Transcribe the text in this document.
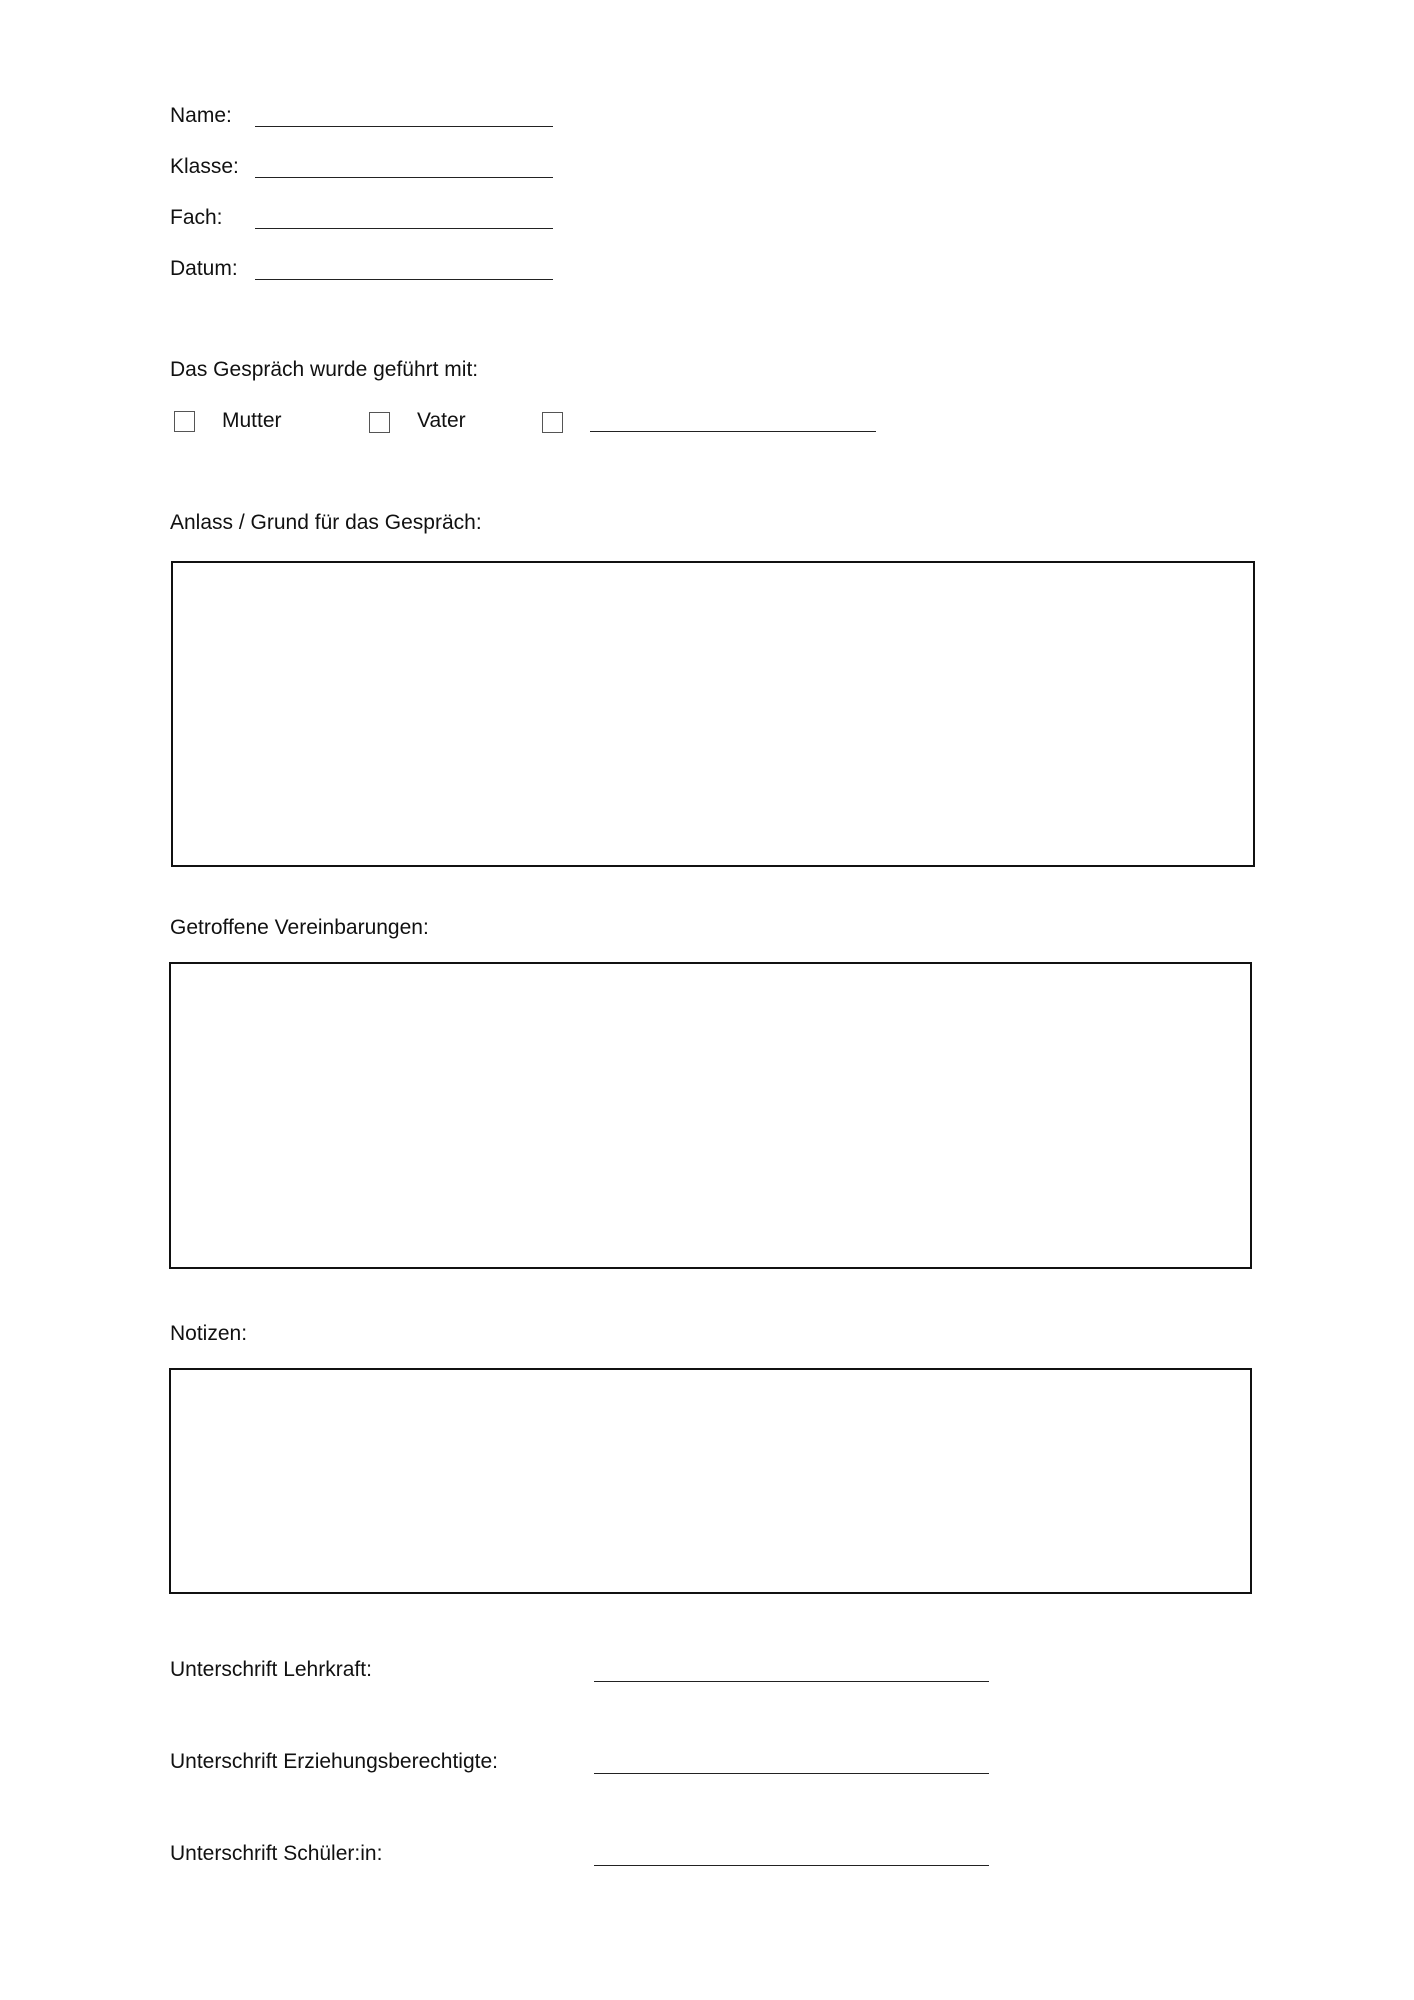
Name:
Klasse:
Fach:
Datum:
Das Gespräch wurde geführt mit:
Mutter	Vater
Anlass / Grund für das Gespräch:
Getroffene Vereinbarungen:
Notizen:
Unterschrift Lehrkraft:
Unterschrift Erziehungsberechtigte:
Unterschrift Schüler:in:
